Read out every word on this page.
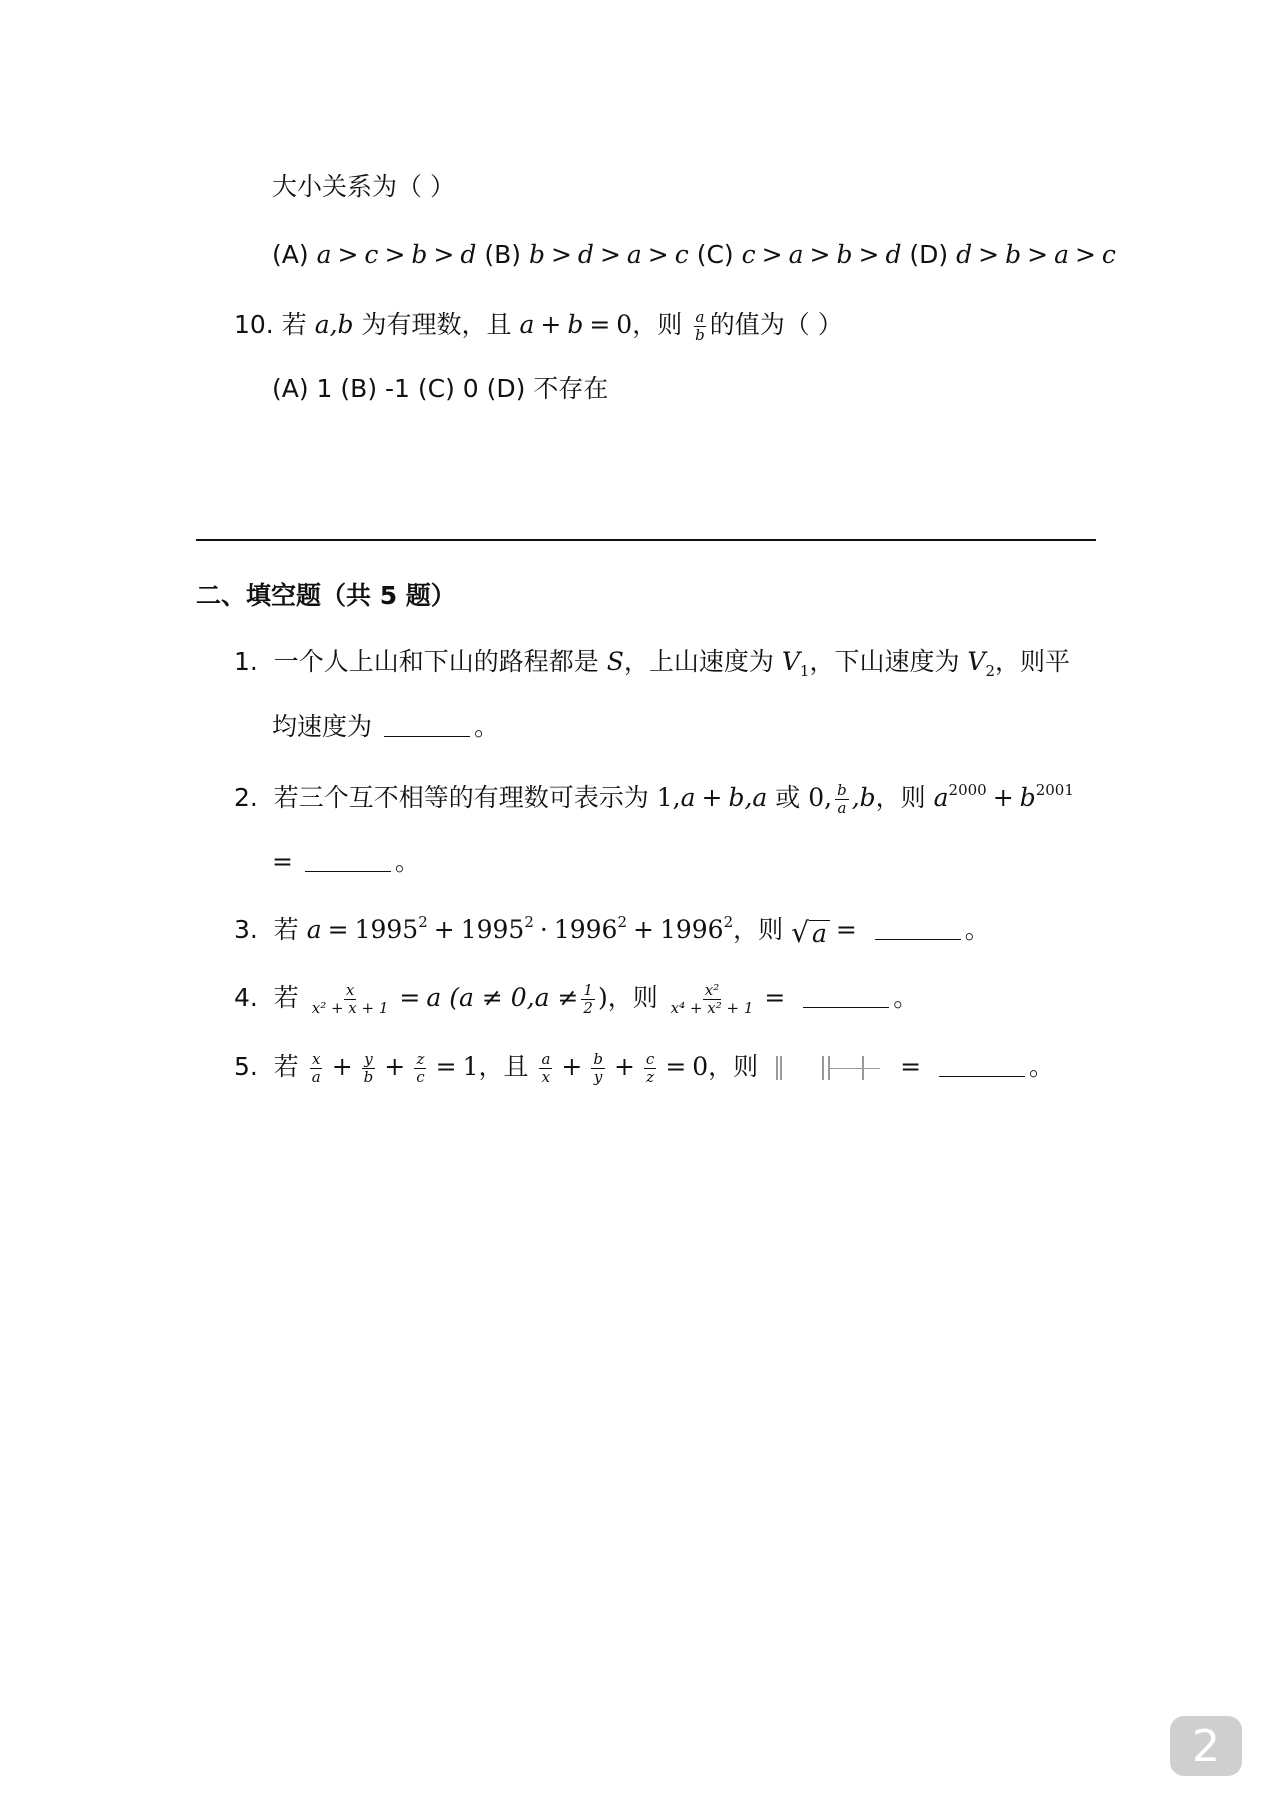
大小关系为（ ）
(A) a > c > b > d (B) b > d > a > c (C) c > a > b > d (D) d > b > a > c
10. 若 a,b 为有理数，且 a + b = 0，则 $\frac{a}{b}$ 的值为（ ）
(A) 1 (B) -1 (C) 0 (D) 不存在
二、填空题（共 5 题）
1. 一个人上山和下山的路程都是 S，上山速度为 $V_1$，下山速度为 $V_2$，则平
均速度为	。
2. 若三个互不相等的有理数可表示为 1,a + b,a 或 0, $\frac{b}{a} ,b$，则 $a^{2000} + b^{2001}$
=	。
3. 若 $a = 1995^2 + 1995^2 \cdot 1996^2 + 1996^2$，则 √ a =	。
4. 若 $\frac{x}{\text{x² + x + 1}} = a$ ($a \ne 0,a \ne \frac{1}{2}$ )，则 $\frac{\text{x²}}{\text{x⁴ + x² + 1}}$ =	。
5. 若 $\frac{x}{a} + \frac{y}{b} + \frac{z}{c} = 1$，且 $\frac{a}{x} + \frac{b}{y} + \frac{c}{z} = 0$，则	=	。
2
